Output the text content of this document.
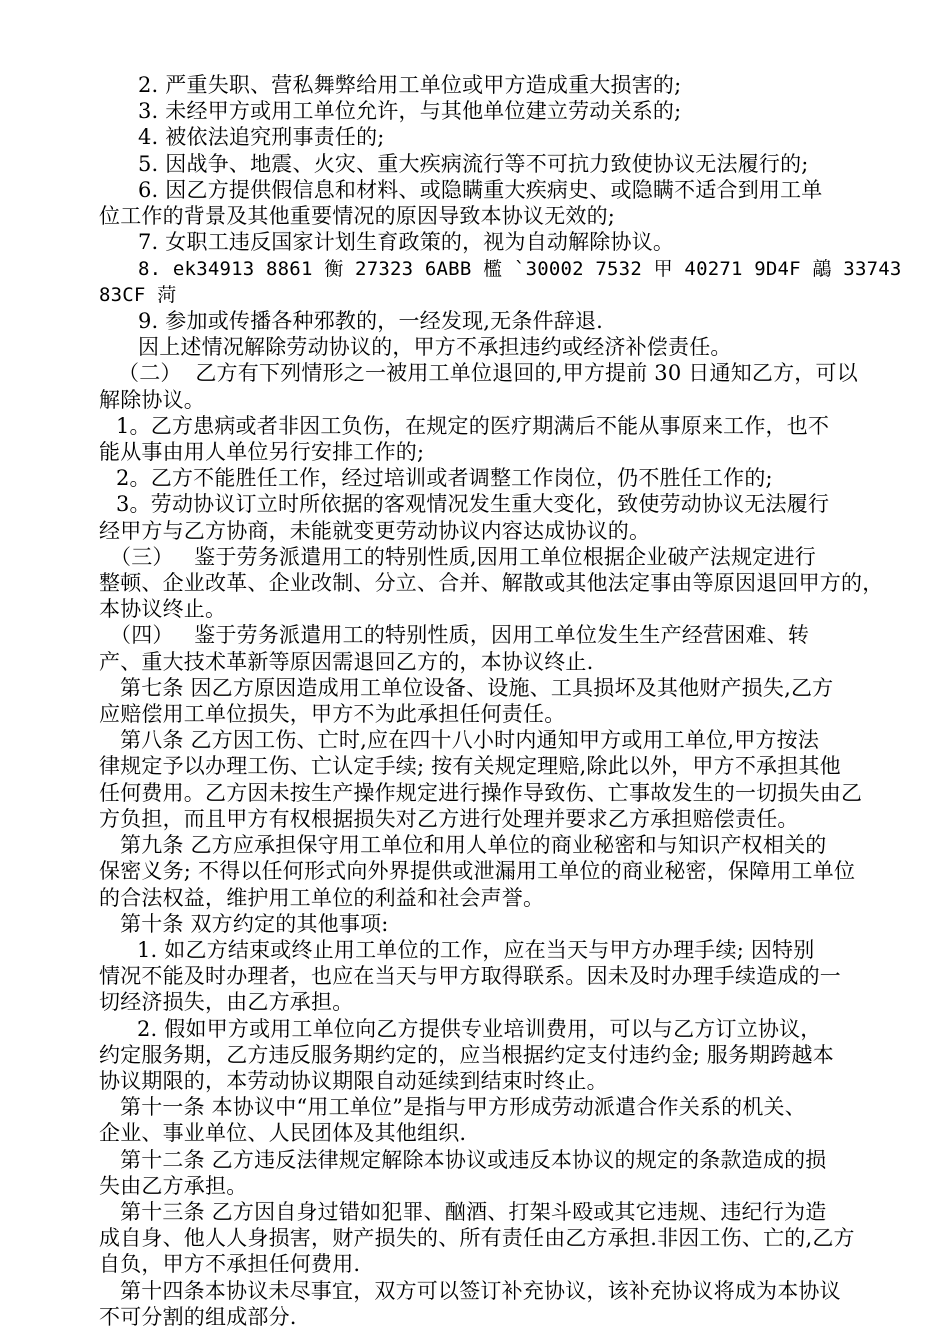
2. 严重失职、营私舞弊给用工单位或甲方造成重大损害的;
3. 未经甲方或用工单位允许，与其他单位建立劳动关系的;
4. 被依法追究刑事责任的;
5. 因战争、地震、火灾、重大疾病流行等不可抗力致使协议无法履行的;
6. 因乙方提供假信息和材料、或隐瞒重大疾病史、或隐瞒不适合到用工单
位工作的背景及其他重要情况的原因导致本协议无效的;
7. 女职工违反国家计划生育政策的，视为自动解除协议。
8. ek34913 8861 衡 27323 6ABB 檻 `30002 7532 甲 40271 9D4F 鶮 33743
83CF 菏
9. 参加或传播各种邪教的，一经发现,无条件辞退.
因上述情况解除劳动协议的，甲方不承担违约或经济补偿责任。
（二）  乙方有下列情形之一被用工单位退回的,甲方提前 30 日通知乙方，可以
解除协议。
1。乙方患病或者非因工负伤，在规定的医疗期满后不能从事原来工作，也不
能从事由用人单位另行安排工作的;
2。乙方不能胜任工作，经过培训或者调整工作岗位，仍不胜任工作的;
3。劳动协议订立时所依据的客观情况发生重大变化，致使劳动协议无法履行
经甲方与乙方协商，未能就变更劳动协议内容达成协议的。
（三）   鉴于劳务派遣用工的特别性质,因用工单位根据企业破产法规定进行
整顿、企业改革、企业改制、分立、合并、解散或其他法定事由等原因退回甲方的，
本协议终止。
（四）   鉴于劳务派遣用工的特别性质，因用工单位发生生产经营困难、转
产、重大技术革新等原因需退回乙方的，本协议终止.
第七条 因乙方原因造成用工单位设备、设施、工具损坏及其他财产损失,乙方
应赔偿用工单位损失，甲方不为此承担任何责任。
第八条 乙方因工伤、亡时,应在四十八小时内通知甲方或用工单位,甲方按法
律规定予以办理工伤、亡认定手续; 按有关规定理赔,除此以外，甲方不承担其他
任何费用。乙方因未按生产操作规定进行操作导致伤、亡事故发生的一切损失由乙
方负担，而且甲方有权根据损失对乙方进行处理并要求乙方承担赔偿责任。
第九条 乙方应承担保守用工单位和用人单位的商业秘密和与知识产权相关的
保密义务; 不得以任何形式向外界提供或泄漏用工单位的商业秘密，保障用工单位
的合法权益，维护用工单位的利益和社会声誉。
第十条 双方约定的其他事项:
1. 如乙方结束或终止用工单位的工作，应在当天与甲方办理手续; 因特别
情况不能及时办理者，也应在当天与甲方取得联系。因未及时办理手续造成的一
切经济损失，由乙方承担。
2. 假如甲方或用工单位向乙方提供专业培训费用，可以与乙方订立协议，
约定服务期，乙方违反服务期约定的，应当根据约定支付违约金; 服务期跨越本
协议期限的，本劳动协议期限自动延续到结束时终止。
第十一条 本协议中“用工单位”是指与甲方形成劳动派遣合作关系的机关、
企业、事业单位、人民团体及其他组织.
第十二条 乙方违反法律规定解除本协议或违反本协议的规定的条款造成的损
失由乙方承担。
第十三条 乙方因自身过错如犯罪、酗酒、打架斗殴或其它违规、违纪行为造
成自身、他人人身损害，财产损失的、所有责任由乙方承担.非因工伤、亡的,乙方
自负，甲方不承担任何费用.
第十四条本协议未尽事宜，双方可以签订补充协议，该补充协议将成为本协议
不可分割的组成部分.
